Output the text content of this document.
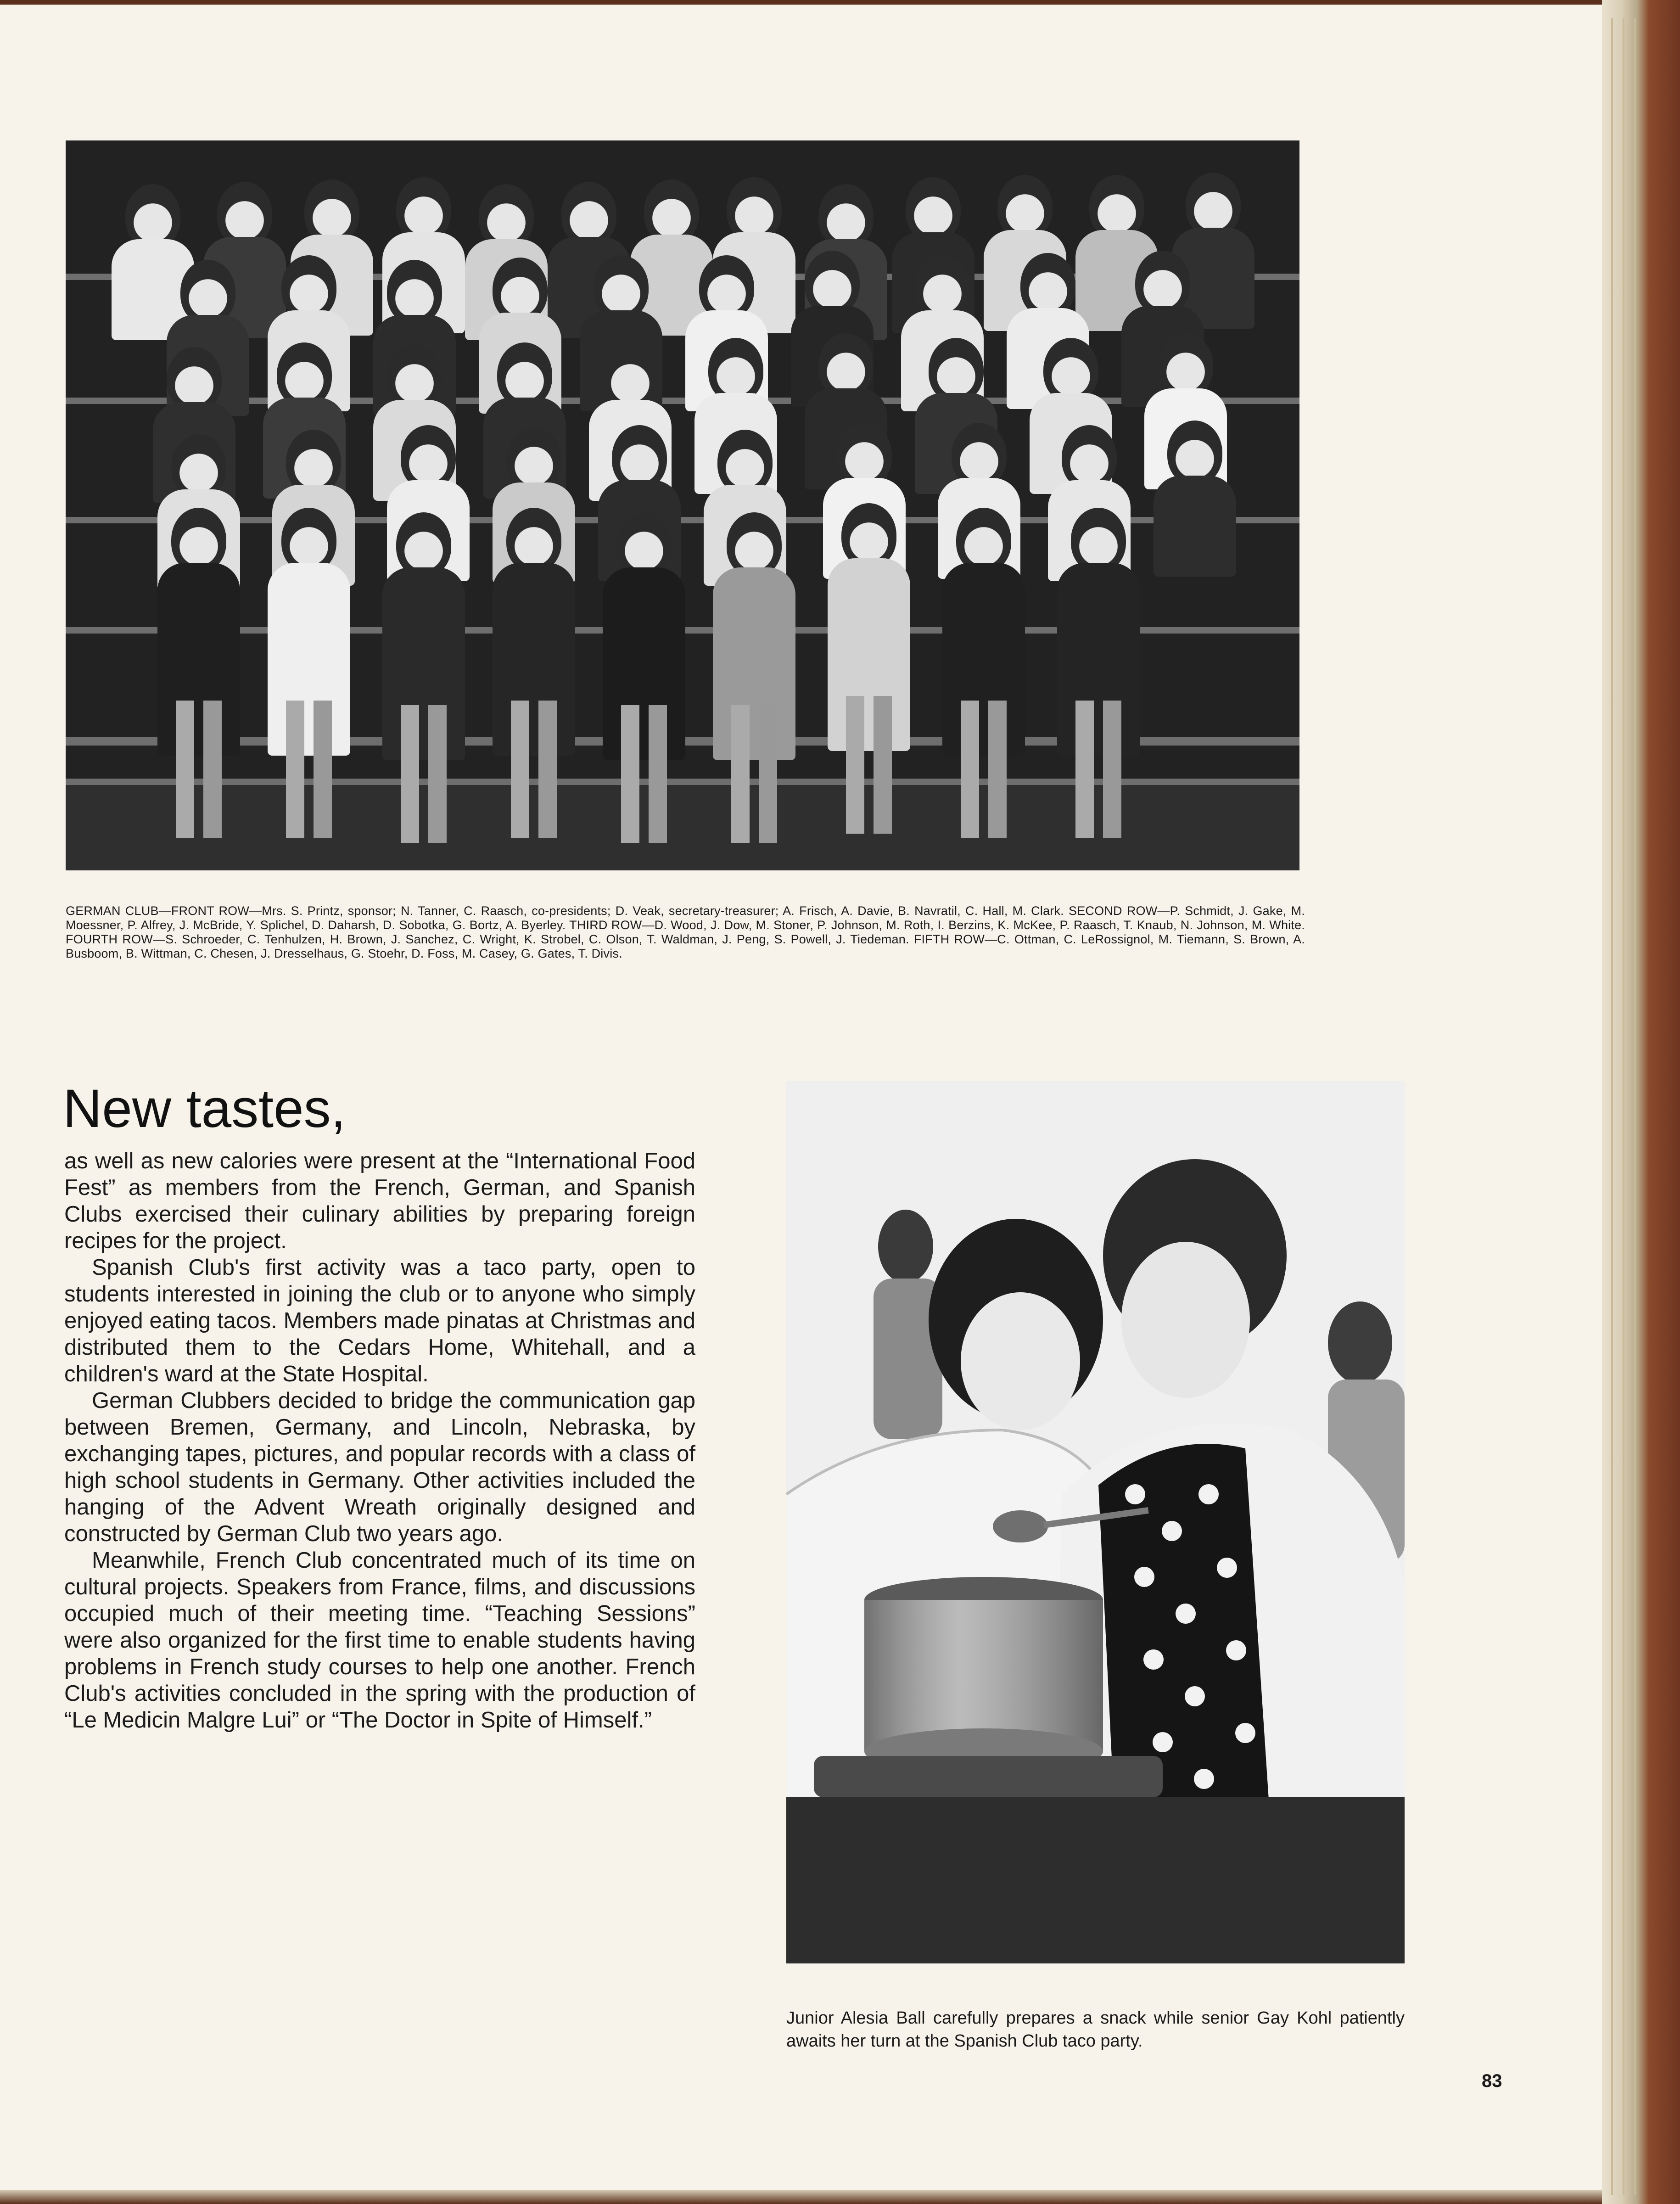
GERMAN CLUB—FRONT ROW—Mrs. S. Printz, sponsor; N. Tanner, C. Raasch, co-presidents; D. Veak, secretary-treasurer; A. Frisch, A. Davie, B. Navratil, C. Hall, M. Clark. SECOND ROW—P. Schmidt, J. Gake, M. Moessner, P. Alfrey, J. McBride, Y. Splichel, D. Daharsh, D. Sobotka, G. Bortz, A. Byerley. THIRD ROW—D. Wood, J. Dow, M. Stoner, P. Johnson, M. Roth, I. Berzins, K. McKee, P. Raasch, T. Knaub, N. Johnson, M. White. FOURTH ROW—S. Schroeder, C. Tenhulzen, H. Brown, J. Sanchez, C. Wright, K. Strobel, C. Olson, T. Waldman, J. Peng, S. Powell, J. Tiedeman. FIFTH ROW—C. Ottman, C. LeRossignol, M. Tiemann, S. Brown, A. Busboom, B. Wittman, C. Chesen, J. Dresselhaus, G. Stoehr, D. Foss, M. Casey, G. Gates, T. Divis.

New tastes,

as well as new calories were present at the “International Food Fest” as members from the French, German, and Spanish Clubs exercised their culinary abilities by preparing foreign recipes for the project.

Spanish Club's first activity was a taco party, open to students interested in joining the club or to anyone who simply enjoyed eating tacos. Members made pinatas at Christmas and distributed them to the Cedars Home, Whitehall, and a children's ward at the State Hospital.

German Clubbers decided to bridge the communication gap between Bremen, Germany, and Lincoln, Nebraska, by exchanging tapes, pictures, and popular records with a class of high school students in Germany. Other activities included the hanging of the Advent Wreath originally designed and constructed by German Club two years ago.

Meanwhile, French Club concentrated much of its time on cultural projects. Speakers from France, films, and discussions occupied much of their meeting time. “Teaching Sessions” were also organized for the first time to enable students having problems in French study courses to help one another. French Club's activities concluded in the spring with the production of “Le Medicin Malgre Lui” or “The Doctor in Spite of Himself.”

Junior Alesia Ball carefully prepares a snack while senior Gay Kohl patiently awaits her turn at the Spanish Club taco party.

83
